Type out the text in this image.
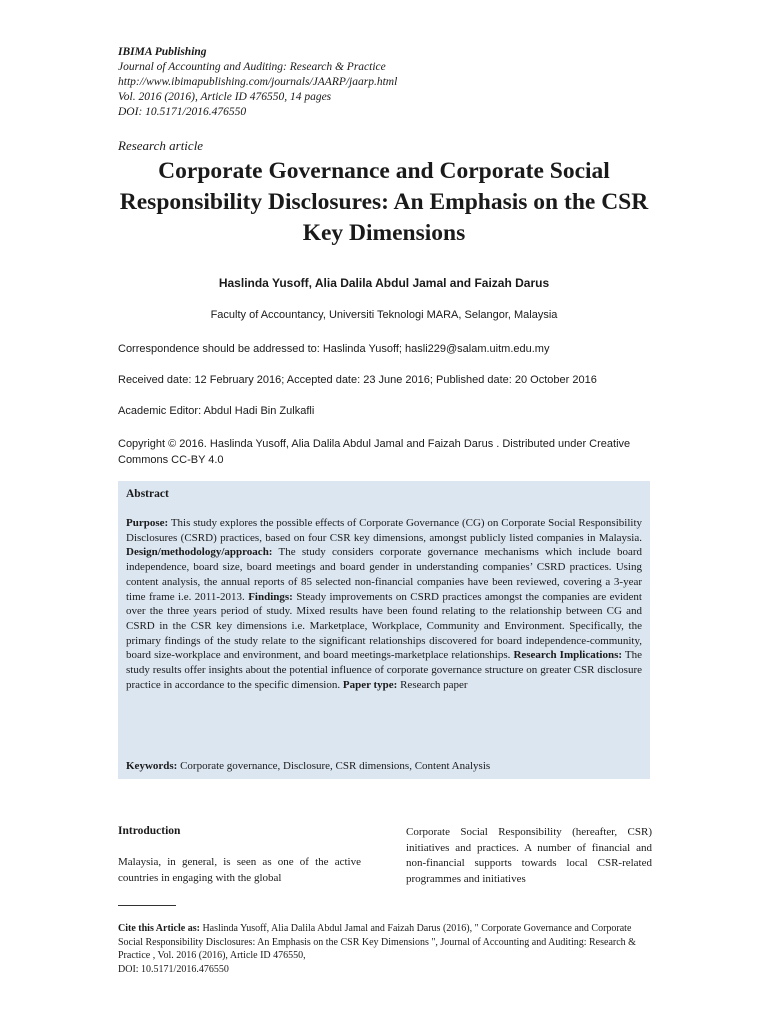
IBIMA Publishing
Journal of Accounting and Auditing: Research & Practice
http://www.ibimapublishing.com/journals/JAARP/jaarp.html
Vol. 2016 (2016), Article ID 476550, 14 pages
DOI: 10.5171/2016.476550
Research article
Corporate Governance and Corporate Social Responsibility Disclosures: An Emphasis on the CSR Key Dimensions
Haslinda Yusoff, Alia Dalila Abdul Jamal and Faizah Darus
Faculty of Accountancy, Universiti Teknologi MARA, Selangor, Malaysia
Correspondence should be addressed to: Haslinda Yusoff; hasli229@salam.uitm.edu.my
Received date: 12 February 2016; Accepted date: 23 June 2016; Published date: 20 October 2016
Academic Editor: Abdul Hadi Bin Zulkafli
Copyright © 2016. Haslinda Yusoff, Alia Dalila Abdul Jamal and Faizah Darus . Distributed under Creative Commons CC-BY 4.0
Abstract
Purpose: This study explores the possible effects of Corporate Governance (CG) on Corporate Social Responsibility Disclosures (CSRD) practices, based on four CSR key dimensions, amongst publicly listed companies in Malaysia. Design/methodology/approach: The study considers corporate governance mechanisms which include board independence, board size, board meetings and board gender in understanding companies’ CSRD practices. Using content analysis, the annual reports of 85 selected non-financial companies have been reviewed, covering a 3-year time frame i.e. 2011-2013. Findings: Steady improvements on CSRD practices amongst the companies are evident over the three years period of study. Mixed results have been found relating to the relationship between CG and CSRD in the CSR key dimensions i.e. Marketplace, Workplace, Community and Environment. Specifically, the primary findings of the study relate to the significant relationships discovered for board independence-community, board size-workplace and environment, and board meetings-marketplace relationships. Research Implications: The study results offer insights about the potential influence of corporate governance structure on greater CSR disclosure practice in accordance to the specific dimension. Paper type: Research paper
Keywords: Corporate governance, Disclosure, CSR dimensions, Content Analysis
Introduction
Malaysia, in general, is seen as one of the active countries in engaging with the global
Corporate Social Responsibility (hereafter, CSR) initiatives and practices. A number of financial and non-financial supports towards local CSR-related programmes and initiatives
Cite this Article as: Haslinda Yusoff, Alia Dalila Abdul Jamal and Faizah Darus (2016), " Corporate Governance and Corporate Social Responsibility Disclosures: An Emphasis on the CSR Key Dimensions ", Journal of Accounting and Auditing: Research & Practice , Vol. 2016 (2016), Article ID 476550,
DOI: 10.5171/2016.476550
